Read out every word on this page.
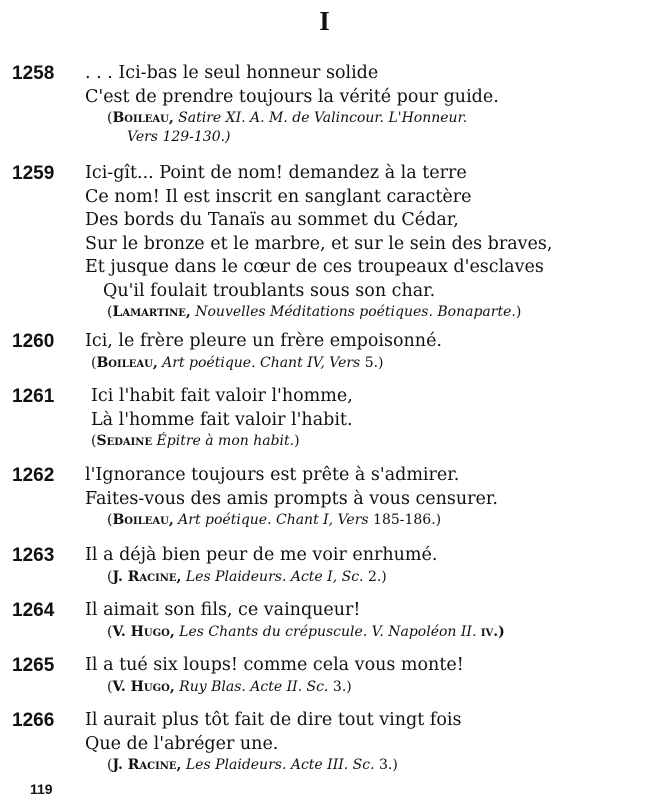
I
1258 . . . Ici-bas le seul honneur solide
C'est de prendre toujours la vérité pour guide.
(Boileau, Satire XI. A. M. de Valincour. L'Honneur.
Vers 129-130.)
1259 Ici-gît... Point de nom! demandez à la terre
Ce nom! Il est inscrit en sanglant caractère
Des bords du Tanaïs au sommet du Cédar,
Sur le bronze et le marbre, et sur le sein des braves,
Et jusque dans le cœur de ces troupeaux d'esclaves
Qu'il foulait troublants sous son char.
(Lamartine, Nouvelles Méditations poétiques. Bonaparte.)
1260 Ici, le frère pleure un frère empoisonné.
(Boileau, Art poétique. Chant IV, Vers 5.)
1261	Ici l'habit fait valoir l'homme,
Là l'homme fait valoir l'habit.
(Sedaine Épitre à mon habit.)
1262 l'Ignorance toujours est prête à s'admirer.
Faites-vous des amis prompts à vous censurer.
(Boileau, Art poétique. Chant I, Vers 185-186.)
1263 Il a déjà bien peur de me voir enrhumé.
(J. Racine, Les Plaideurs. Acte I, Sc. 2.)
1264 Il aimait son fils, ce vainqueur!
(V. Hugo, Les Chants du crépuscule. V. Napoléon II. iv.)
1265 Il a tué six loups! comme cela vous monte!
(V. Hugo, Ruy Blas. Acte II. Sc. 3.)
1266 Il aurait plus tôt fait de dire tout vingt fois
Que de l'abréger une.
(J. Racine, Les Plaideurs. Acte III. Sc. 3.)
119
